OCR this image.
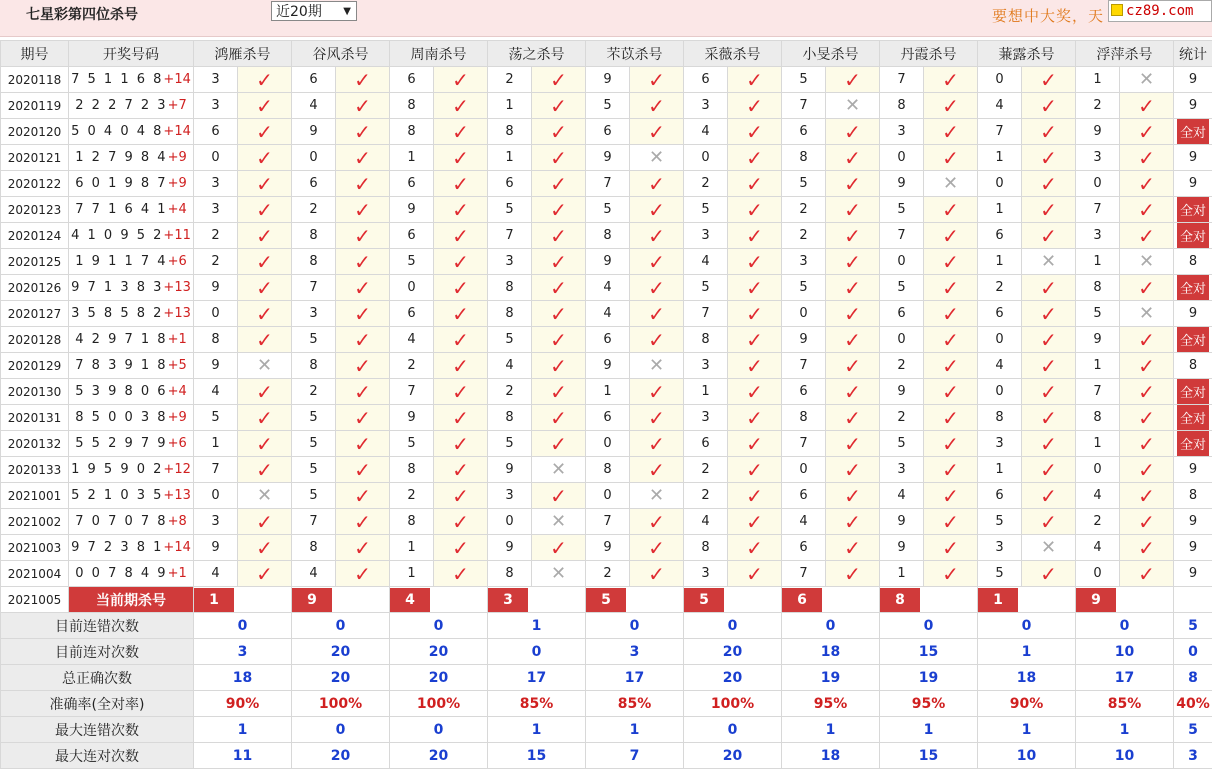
七星彩第四位杀号	近20期 ▼	要想中大奖，天	cz89.com
期号	开奖号码	鸿雁杀号		谷风杀号		周南杀号		荡之杀号		芣苡杀号		采薇杀号		小旻杀号		丹霞杀号		蒹露杀号		浮萍杀号		统计
2020118	7 5 1 1 6 8+14	3	✓	6	✓	6	✓	2	✓	9	✓	6	✓	5	✓	7	✓	0	✓	1	✕	9
2020119	2 2 2 7 2 3+7	3	✓	4	✓	8	✓	1	✓	5	✓	3	✓	7	✕	8	✓	4	✓	2	✓	9
2020120	5 0 4 0 4 8+14	6	✓	9	✓	8	✓	8	✓	6	✓	4	✓	6	✓	3	✓	7	✓	9	✓	全对
2020121	1 2 7 9 8 4+9	0	✓	0	✓	1	✓	1	✓	9	✕	0	✓	8	✓	0	✓	1	✓	3	✓	9
2020122	6 0 1 9 8 7+9	3	✓	6	✓	6	✓	6	✓	7	✓	2	✓	5	✓	9	✕	0	✓	0	✓	9
2020123	7 7 1 6 4 1+4	3	✓	2	✓	9	✓	5	✓	5	✓	5	✓	2	✓	5	✓	1	✓	7	✓	全对
2020124	4 1 0 9 5 2+11	2	✓	8	✓	6	✓	7	✓	8	✓	3	✓	2	✓	7	✓	6	✓	3	✓	全对
2020125	1 9 1 1 7 4+6	2	✓	8	✓	5	✓	3	✓	9	✓	4	✓	3	✓	0	✓	1	✕	1	✕	8
2020126	9 7 1 3 8 3+13	9	✓	7	✓	0	✓	8	✓	4	✓	5	✓	5	✓	5	✓	2	✓	8	✓	全对
2020127	3 5 8 5 8 2+13	0	✓	3	✓	6	✓	8	✓	4	✓	7	✓	0	✓	6	✓	6	✓	5	✕	9
2020128	4 2 9 7 1 8+1	8	✓	5	✓	4	✓	5	✓	6	✓	8	✓	9	✓	0	✓	0	✓	9	✓	全对
2020129	7 8 3 9 1 8+5	9	✕	8	✓	2	✓	4	✓	9	✕	3	✓	7	✓	2	✓	4	✓	1	✓	8
2020130	5 3 9 8 0 6+4	4	✓	2	✓	7	✓	2	✓	1	✓	1	✓	6	✓	9	✓	0	✓	7	✓	全对
2020131	8 5 0 0 3 8+9	5	✓	5	✓	9	✓	8	✓	6	✓	3	✓	8	✓	2	✓	8	✓	8	✓	全对
2020132	5 5 2 9 7 9+6	1	✓	5	✓	5	✓	5	✓	0	✓	6	✓	7	✓	5	✓	3	✓	1	✓	全对
2020133	1 9 5 9 0 2+12	7	✓	5	✓	8	✓	9	✕	8	✓	2	✓	0	✓	3	✓	1	✓	0	✓	9
2021001	5 2 1 0 3 5+13	0	✕	5	✓	2	✓	3	✓	0	✕	2	✓	6	✓	4	✓	6	✓	4	✓	8
2021002	7 0 7 0 7 8+8	3	✓	7	✓	8	✓	0	✕	7	✓	4	✓	4	✓	9	✓	5	✓	2	✓	9
2021003	9 7 2 3 8 1+14	9	✓	8	✓	1	✓	9	✓	9	✓	8	✓	6	✓	9	✓	3	✕	4	✓	9
2021004	0 0 7 8 4 9+1	4	✓	4	✓	1	✓	8	✕	2	✓	3	✓	7	✓	1	✓	5	✓	0	✓	9
2021005	当前期杀号	1		9		4		3		5		5		6		8		1		9		
目前连错次数		0		0		0		1		0		0		0		0		0		0		5
目前连对次数		3		20		20		0		3		20		18		15		1		10		0
总正确次数		18		20		20		17		17		20		19		19		18		17		8
准确率(全对率)		90%		100%		100%		85%		85%		100%		95%		95%		90%		85%		40%
最大连错次数		1		0		0		1		1		0		1		1		1		1		5
最大连对次数		11		20		20		15		7		20		18		15		10		10		3
